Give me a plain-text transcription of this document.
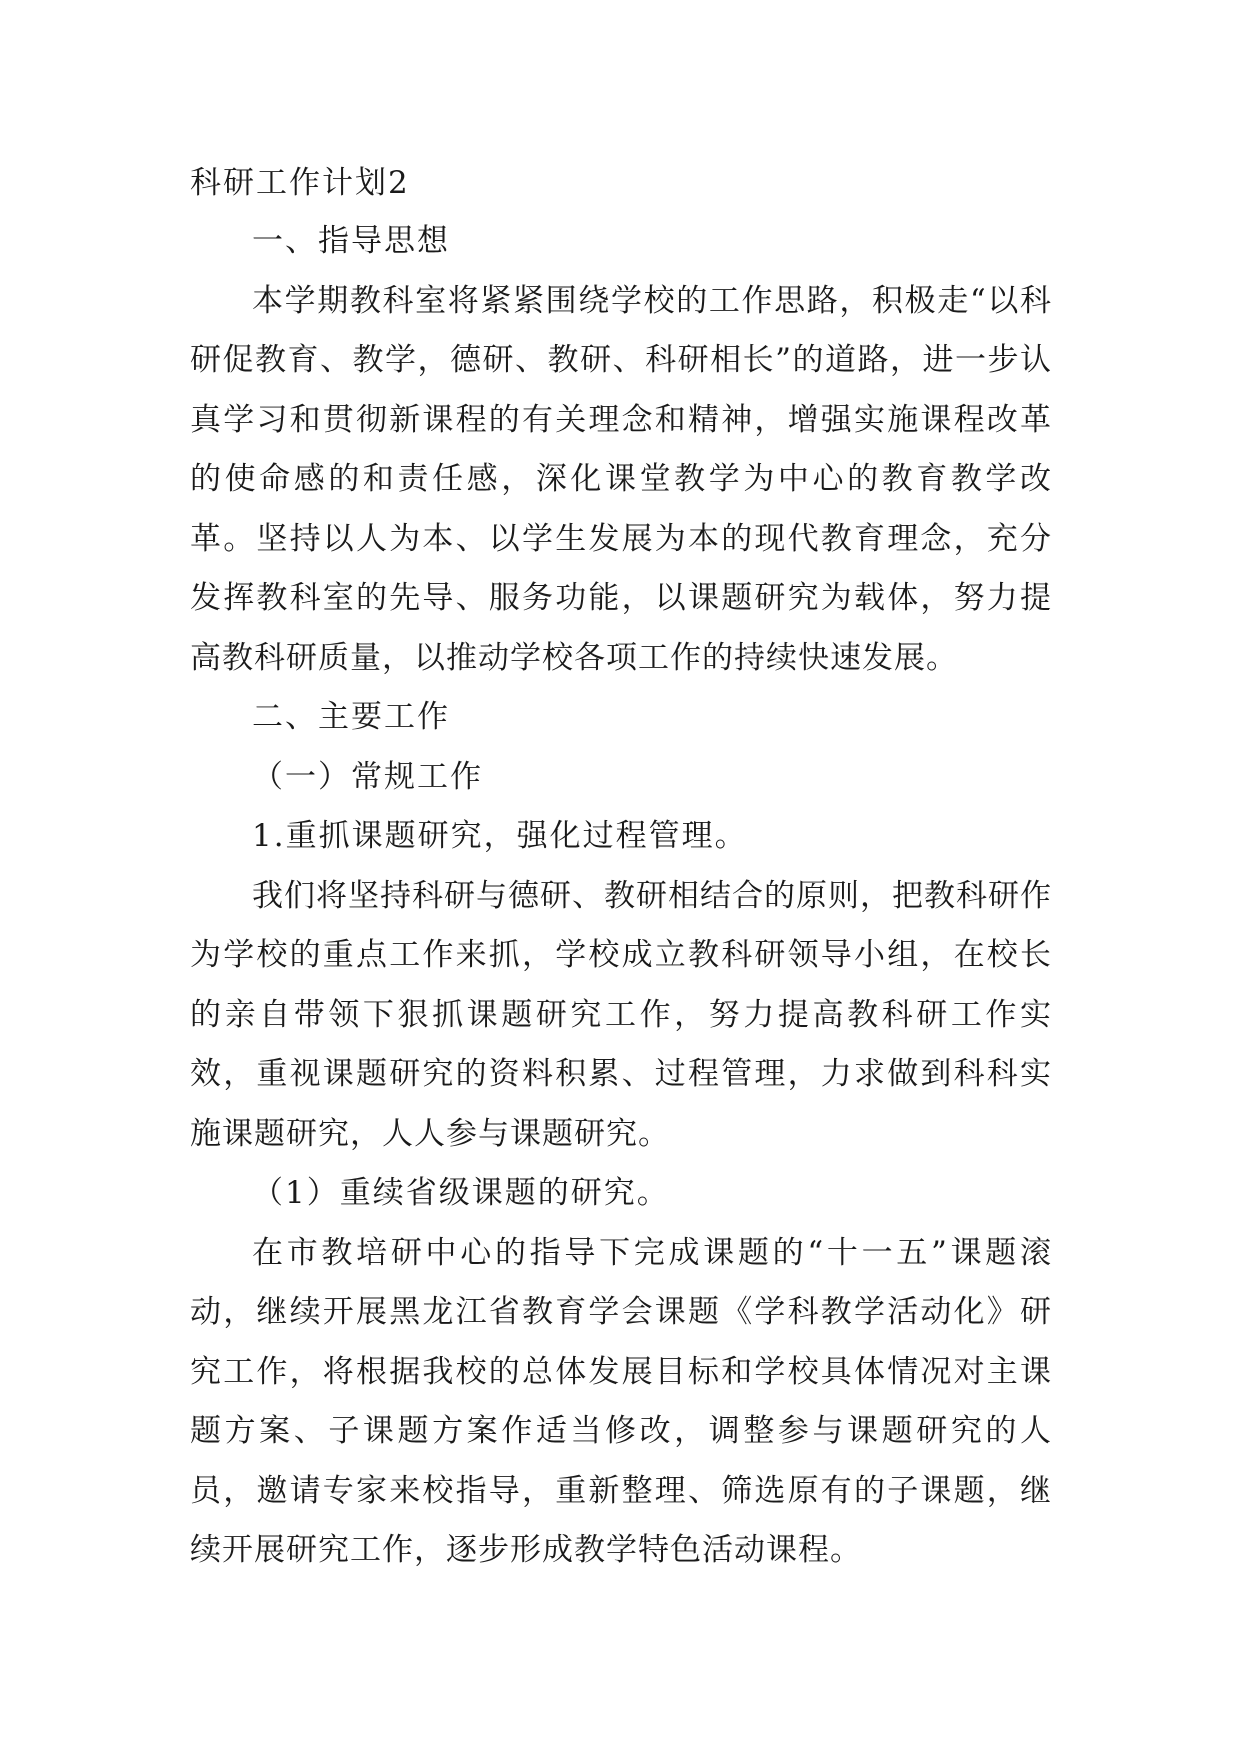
科研工作计划2

一、指导思想

本学期教科室将紧紧围绕学校的工作思路，积极走“以科研促教育、教学，德研、教研、科研相长”的道路，进一步认真学习和贯彻新课程的有关理念和精神，增强实施课程改革的使命感的和责任感，深化课堂教学为中心的教育教学改革。坚持以人为本、以学生发展为本的现代教育理念，充分发挥教科室的先导、服务功能，以课题研究为载体，努力提高教科研质量，以推动学校各项工作的持续快速发展。

二、主要工作

（一）常规工作

1.重抓课题研究，强化过程管理。

我们将坚持科研与德研、教研相结合的原则，把教科研作为学校的重点工作来抓，学校成立教科研领导小组，在校长的亲自带领下狠抓课题研究工作，努力提高教科研工作实效，重视课题研究的资料积累、过程管理，力求做到科科实施课题研究，人人参与课题研究。

（1）重续省级课题的研究。

在市教培研中心的指导下完成课题的“十一五”课题滚动，继续开展黑龙江省教育学会课题《学科教学活动化》研究工作，将根据我校的总体发展目标和学校具体情况对主课题方案、子课题方案作适当修改，调整参与课题研究的人员，邀请专家来校指导，重新整理、筛选原有的子课题，继续开展研究工作，逐步形成教学特色活动课程。
